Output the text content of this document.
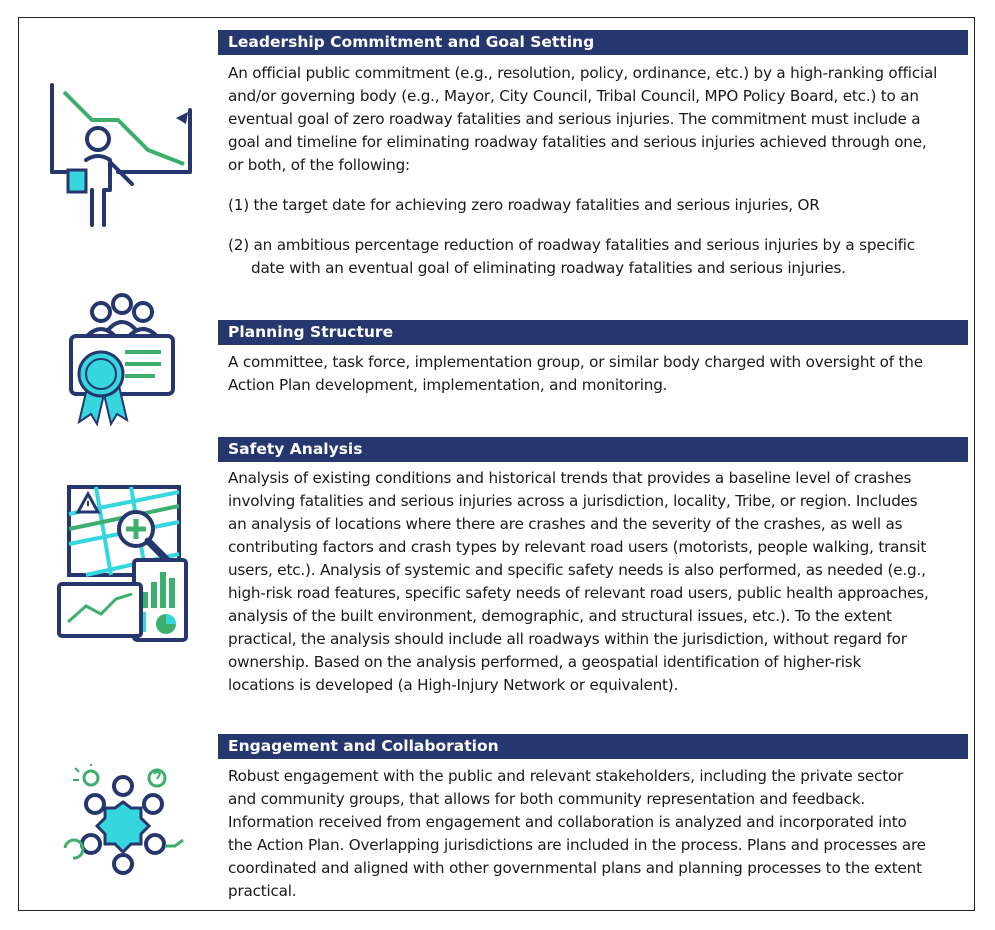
Leadership Commitment and Goal Setting
An official public commitment (e.g., resolution, policy, ordinance, etc.) by a high-ranking official
and/or governing body (e.g., Mayor, City Council, Tribal Council, MPO Policy Board, etc.) to an
eventual goal of zero roadway fatalities and serious injuries. The commitment must include a
goal and timeline for eliminating roadway fatalities and serious injuries achieved through one,
or both, of the following:
(1) the target date for achieving zero roadway fatalities and serious injuries, OR
(2) an ambitious percentage reduction of roadway fatalities and serious injuries by a specific
date with an eventual goal of eliminating roadway fatalities and serious injuries.
Planning Structure
A committee, task force, implementation group, or similar body charged with oversight of the
Action Plan development, implementation, and monitoring.
Safety Analysis
Analysis of existing conditions and historical trends that provides a baseline level of crashes
involving fatalities and serious injuries across a jurisdiction, locality, Tribe, or region. Includes
an analysis of locations where there are crashes and the severity of the crashes, as well as
contributing factors and crash types by relevant road users (motorists, people walking, transit
users, etc.). Analysis of systemic and specific safety needs is also performed, as needed (e.g.,
high-risk road features, specific safety needs of relevant road users, public health approaches,
analysis of the built environment, demographic, and structural issues, etc.). To the extent
practical, the analysis should include all roadways within the jurisdiction, without regard for
ownership. Based on the analysis performed, a geospatial identification of higher-risk
locations is developed (a High-Injury Network or equivalent).
Engagement and Collaboration
Robust engagement with the public and relevant stakeholders, including the private sector
and community groups, that allows for both community representation and feedback.
Information received from engagement and collaboration is analyzed and incorporated into
the Action Plan. Overlapping jurisdictions are included in the process. Plans and processes are
coordinated and aligned with other governmental plans and planning processes to the extent
practical.
